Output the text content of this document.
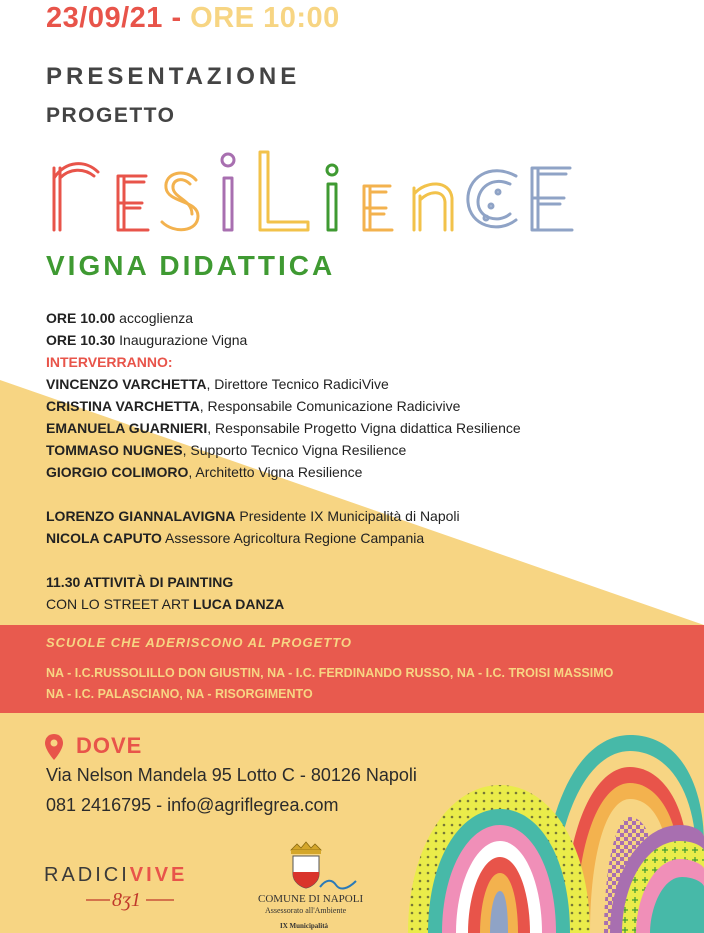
23/09/21 - ORE 10:00
PRESENTAZIONE
PROGETTO
VIGNA DIDATTICA
ORE 10.00 accoglienza
ORE 10.30 Inaugurazione Vigna
INTERVERRANNO:
VINCENZO VARCHETTA, Direttore Tecnico RadiciVive
CRISTINA VARCHETTA, Responsabile Comunicazione Radicivive
EMANUELA GUARNIERI, Responsabile Progetto Vigna didattica Resilience
TOMMASO NUGNES, Supporto Tecnico Vigna Resilience
GIORGIO COLIMORO, Architetto Vigna Resilience
LORENZO GIANNALAVIGNA Presidente IX Municipalità di Napoli
NICOLA CAPUTO Assessore Agricoltura Regione Campania
11.30 ATTIVITÀ DI PAINTING
CON LO STREET ART LUCA DANZA
SCUOLE CHE ADERISCONO AL PROGETTO
NA - I.C.RUSSOLILLO DON GIUSTIN, NA - I.C. FERDINANDO RUSSO, NA - I.C. TROISI MASSIMO
NA - I.C. PALASCIANO, NA - RISORGIMENTO
DOVE
Via Nelson Mandela 95 Lotto C - 80126 Napoli
081 2416795 - info@agriflegrea.com
RADICIVIVE
8ʒ1	COMUNE DI NAPOLI
Assessorato all'Ambiente
IX Municipalità
